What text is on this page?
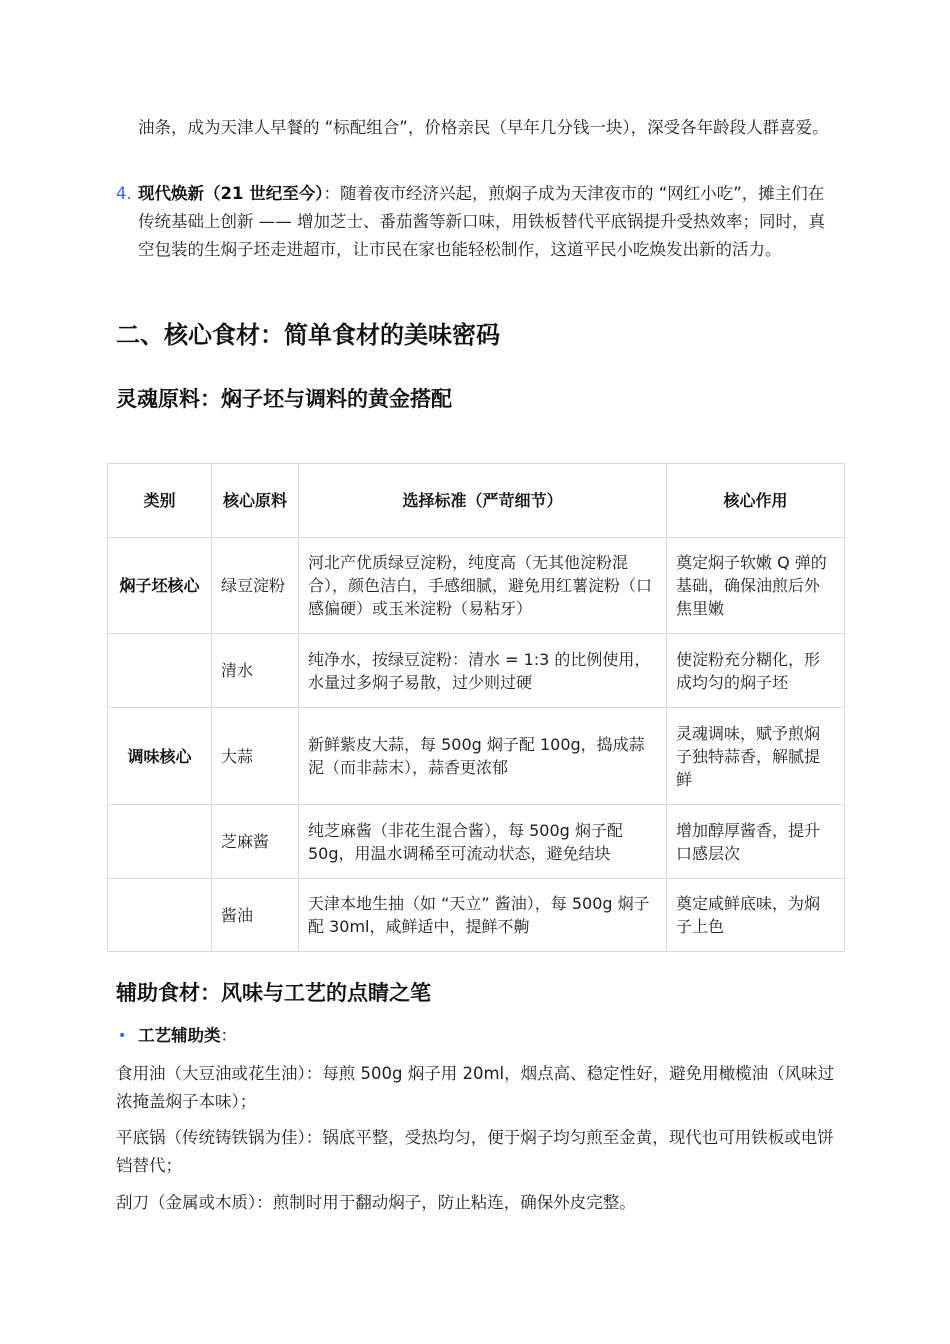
油条，成为天津人早餐的 “标配组合”，价格亲民（早年几分钱一块），深受各年龄段人群喜爱。
4. 现代焕新（21 世纪至今）：随着夜市经济兴起，煎焖子成为天津夜市的 “网红小吃”，摊主们在传统基础上创新 —— 增加芝士、番茄酱等新口味，用铁板替代平底锅提升受热效率；同时，真空包装的生焖子坯走进超市，让市民在家也能轻松制作，这道平民小吃焕发出新的活力。
二、核心食材：简单食材的美味密码
灵魂原料：焖子坯与调料的黄金搭配
类别	核心原料	选择标准（严苛细节）	核心作用
焖子坯核心	绿豆淀粉	河北产优质绿豆淀粉，纯度高（无其他淀粉混合），颜色洁白，手感细腻，避免用红薯淀粉（口感偏硬）或玉米淀粉（易粘牙）	奠定焖子软嫩 Q 弹的基础，确保油煎后外焦里嫩
	清水	纯净水，按绿豆淀粉：清水 = 1:3 的比例使用，水量过多焖子易散，过少则过硬	使淀粉充分糊化，形成均匀的焖子坯
调味核心	大蒜	新鲜紫皮大蒜，每 500g 焖子配 100g，捣成蒜泥（而非蒜末），蒜香更浓郁	灵魂调味，赋予煎焖子独特蒜香，解腻提鲜
	芝麻酱	纯芝麻酱（非花生混合酱），每 500g 焖子配 50g，用温水调稀至可流动状态，避免结块	增加醇厚酱香，提升口感层次
	酱油	天津本地生抽（如 “天立” 酱油），每 500g 焖子配 30ml，咸鲜适中，提鲜不齁	奠定咸鲜底味，为焖子上色
辅助食材：风味与工艺的点睛之笔
• 工艺辅助类：
食用油（大豆油或花生油）：每煎 500g 焖子用 20ml，烟点高、稳定性好，避免用橄榄油（风味过浓掩盖焖子本味）；
平底锅（传统铸铁锅为佳）：锅底平整，受热均匀，便于焖子均匀煎至金黄，现代也可用铁板或电饼铛替代；
刮刀（金属或木质）：煎制时用于翻动焖子，防止粘连，确保外皮完整。
